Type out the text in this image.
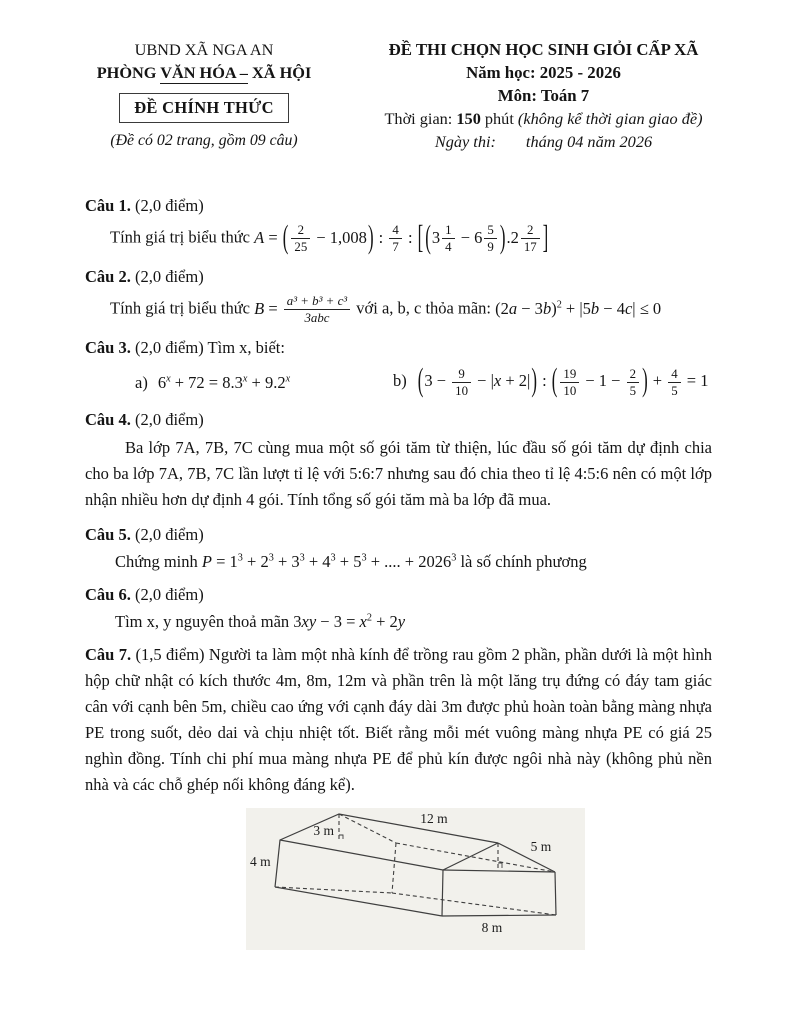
UBND XÃ NGA AN
PHÒNG VĂN HÓA – XÃ HỘI
ĐỀ CHÍNH THỨC
(Đề có 02 trang, gồm 09 câu)
ĐỀ THI CHỌN HỌC SINH GIỎI CẤP XÃ
Năm học: 2025 - 2026
Môn: Toán 7
Thời gian: 150 phút (không kể thời gian giao đề)
Ngày thi: tháng 04 năm 2026

Câu 1. (2,0 điểm)

Tính giá trị biểu thức A = ( $\frac{2}{25} - 1,008$) : $\frac{4}{7}$ : [ $(3 \frac{1}{4} - 6 \frac{5}{9} ).2 \frac{2}{17}$ ]

Câu 2. (2,0 điểm)

Tính giá trị biểu thức $B = \frac{\text{a³ + b³ + c³}}{\text{3abc}}$ với a, b, c thỏa mãn: $(2a - 3b)^2 + |5b - 4c| \le 0$

Câu 3. (2,0 điểm) Tìm x, biết:

a) $6^x + 72 = 8.3^x + 9.2^x$	b) $(3 - \frac{9}{10} - |x + 2|)$ : ( $\frac{19}{10} - 1 - \frac{2}{5}$ ) + $\frac{4}{5} = 1$

Câu 4. (2,0 điểm)

Ba lớp 7A, 7B, 7C cùng mua một số gói tăm từ thiện, lúc đầu số gói tăm dự định chia cho ba lớp 7A, 7B, 7C lần lượt tỉ lệ với 5:6:7 nhưng sau đó chia theo tỉ lệ 4:5:6 nên có một lớp nhận nhiều hơn dự định 4 gói. Tính tổng số gói tăm mà ba lớp đã mua.

Câu 5. (2,0 điểm)

Chứng minh $P = 1^3 + 2^3 + 3^3 + 4^3 + 5^3$ + .... + $2026^3$ là số chính phương

Câu 6. (2,0 điểm)

Tìm x, y nguyên thoả mãn $3xy - 3 = x^2 + 2y$

Câu 7. (1,5 điểm) Người ta làm một nhà kính để trồng rau gồm 2 phần, phần dưới là một hình hộp chữ nhật có kích thước 4m, 8m, 12m và phần trên là một lăng trụ đứng có đáy tam giác cân với cạnh bên 5m, chiều cao ứng với cạnh đáy dài 3m được phủ hoàn toàn bằng màng nhựa PE trong suốt, dẻo dai và chịu nhiệt tốt. Biết rằng mỗi mét vuông màng nhựa PE có giá 25 nghìn đồng. Tính chi phí mua màng nhựa PE để phủ kín được ngôi nhà này (không phủ nền nhà và các chỗ ghép nối không đáng kể).

3 m
12 m
5 m
4 m
8 m
